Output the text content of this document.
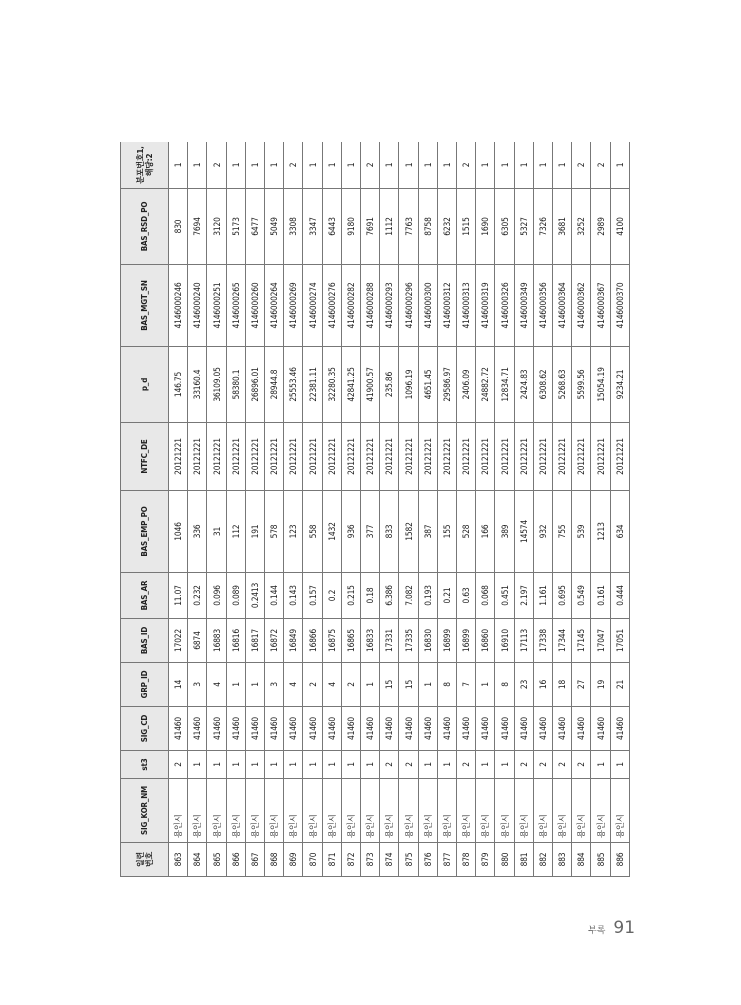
일련
번호	SIG_KOR_NM	st3	SIG_CD	GRP_ID	BAS_ID	BAS_AR	BAS_EMP_PO	NTFC_DE	p_d	BAS_MGT_SN	BAS_RSD_PO	분포번호1,
해당:2
863	용인시	2	41460	14	17022	11.07	1046	20121221	146.75	4146000246	830	1
864	용인시	1	41460	3	6874	0.232	336	20121221	33160.4	4146000240	7694	1
865	용인시	1	41460	4	16883	0.096	31	20121221	36109.05	4146000251	3120	2
866	용인시	1	41460	1	16816	0.089	112	20121221	58380.1	4146000265	5173	1
867	용인시	1	41460	1	16817	0.2413	191	20121221	26896.01	4146000260	6477	1
868	용인시	1	41460	3	16872	0.144	578	20121221	28944.8	4146000264	5049	1
869	용인시	1	41460	4	16849	0.143	123	20121221	25553.46	4146000269	3308	2
870	용인시	1	41460	2	16866	0.157	558	20121221	22381.11	4146000274	3347	1
871	용인시	1	41460	4	16875	0.2	1432	20121221	32280.35	4146000276	6443	1
872	용인시	1	41460	2	16865	0.215	936	20121221	42841.25	4146000282	9180	1
873	용인시	1	41460	1	16833	0.18	377	20121221	41900.57	4146000288	7691	2
874	용인시	2	41460	15	17331	6.386	833	20121221	235.86	4146000293	1112	1
875	용인시	2	41460	15	17335	7.082	1582	20121221	1096.19	4146000296	7763	1
876	용인시	1	41460	1	16830	0.193	387	20121221	4651.45	4146000300	8758	1
877	용인시	1	41460	8	16899	0.21	155	20121221	29586.97	4146000312	6232	1
878	용인시	2	41460	7	16899	0.63	528	20121221	2406.09	4146000313	1515	2
879	용인시	1	41460	1	16860	0.068	166	20121221	24882.72	4146000319	1690	1
880	용인시	1	41460	8	16910	0.451	389	20121221	12834.71	4146000326	6305	1
881	용인시	2	41460	23	17113	2.197	14574	20121221	2424.83	4146000349	5327	1
882	용인시	2	41460	16	17338	1.161	932	20121221	6308.62	4146000356	7326	1
883	용인시	2	41460	18	17344	0.695	755	20121221	5268.63	4146000364	3681	1
884	용인시	2	41460	27	17145	0.549	539	20121221	5599.56	4146000362	3252	2
885	용인시	1	41460	19	17047	0.161	1213	20121221	15054.19	4146000367	2989	2
886	용인시	1	41460	21	17051	0.444	634	20121221	9234.21	4146000370	4100	1
부록 91
